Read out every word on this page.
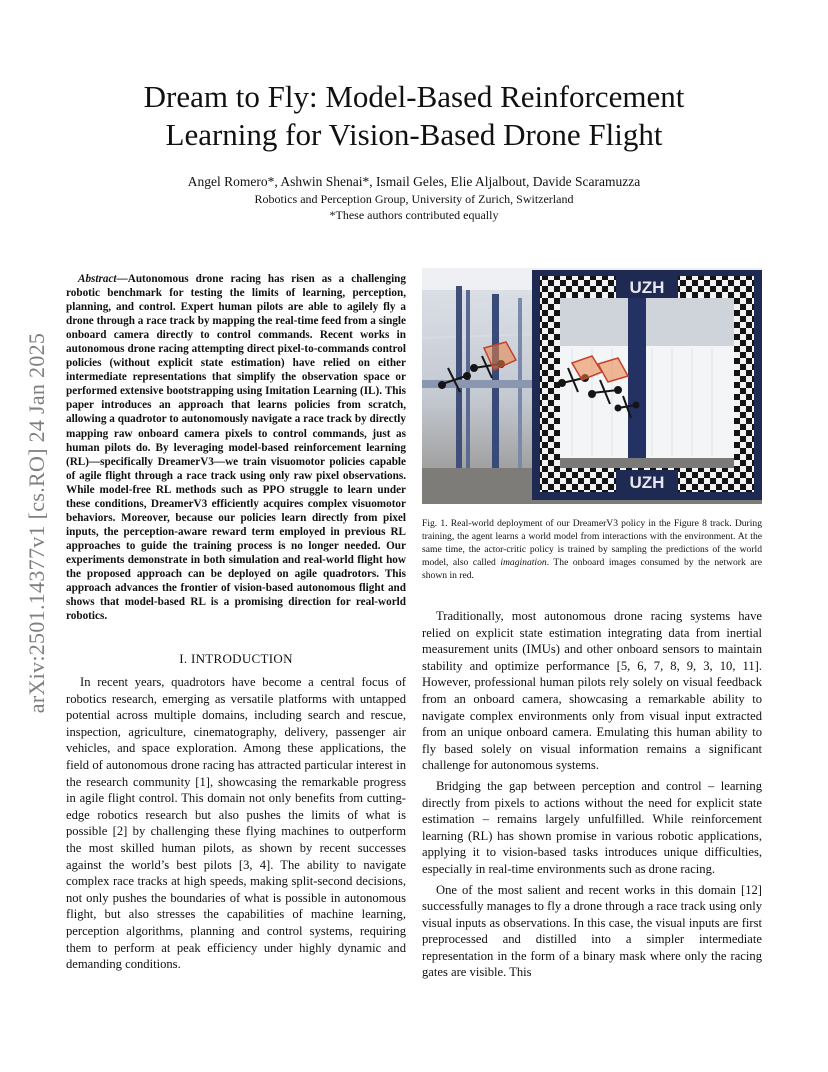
arXiv:2501.14377v1 [cs.RO] 24 Jan 2025
Dream to Fly: Model-Based Reinforcement
Learning for Vision-Based Drone Flight

Angel Romero*, Ashwin Shenai*, Ismail Geles, Elie Aljalbout, Davide Scaramuzza

Robotics and Perception Group, University of Zurich, Switzerland

*These authors contributed equally

Abstract—Autonomous drone racing has risen as a challenging robotic benchmark for testing the limits of learning, perception, planning, and control. Expert human pilots are able to agilely fly a drone through a race track by mapping the real-time feed from a single onboard camera directly to control commands. Recent works in autonomous drone racing attempting direct pixel-to-commands control policies (without explicit state estimation) have relied on either intermediate representations that simplify the observation space or performed extensive bootstrapping using Imitation Learning (IL). This paper introduces an approach that learns policies from scratch, allowing a quadrotor to autonomously navigate a race track by directly mapping raw onboard camera pixels to control commands, just as human pilots do. By leveraging model-based reinforcement learning (RL)—specifically DreamerV3—we train visuomotor policies capable of agile flight through a race track using only raw pixel observations. While model-free RL methods such as PPO struggle to learn under these conditions, DreamerV3 efficiently acquires complex visuomotor behaviors. Moreover, because our policies learn directly from pixel inputs, the perception-aware reward term employed in previous RL approaches to guide the training process is no longer needed. Our experiments demonstrate in both simulation and real-world flight how the proposed approach can be deployed on agile quadrotors. This approach advances the frontier of vision-based autonomous flight and shows that model-based RL is a promising direction for real-world robotics.

I. INTRODUCTION

In recent years, quadrotors have become a central focus of robotics research, emerging as versatile platforms with untapped potential across multiple domains, including search and rescue, inspection, agriculture, cinematography, delivery, passenger air vehicles, and space exploration. Among these applications, the field of autonomous drone racing has attracted particular interest in the research community [1], showcasing the remarkable progress in agile flight control. This domain not only benefits from cutting-edge robotics research but also pushes the limits of what is possible [2] by challenging these flying machines to outperform the most skilled human pilots, as shown by recent successes against the world’s best pilots [3, 4]. The ability to navigate complex race tracks at high speeds, making split-second decisions, not only pushes the boundaries of what is possible in autonomous flight, but also stresses the capabilities of machine learning, perception algorithms, planning and control systems, requiring them to perform at peak efficiency under highly dynamic and demanding conditions.

UZH
UZH

Fig. 1. Real-world deployment of our DreamerV3 policy in the Figure 8 track. During training, the agent learns a world model from interactions with the environment. At the same time, the actor-critic policy is trained by sampling the predictions of the world model, also called imagination. The onboard images consumed by the network are shown in red.

Traditionally, most autonomous drone racing systems have relied on explicit state estimation integrating data from inertial measurement units (IMUs) and other onboard sensors to maintain stability and optimize performance [5, 6, 7, 8, 9, 3, 10, 11]. However, professional human pilots rely solely on visual feedback from an onboard camera, showcasing a remarkable ability to navigate complex environments only from visual input extracted from an unique onboard camera. Emulating this human ability to fly based solely on visual information remains a significant challenge for autonomous systems.

Bridging the gap between perception and control – learning directly from pixels to actions without the need for explicit state estimation – remains largely unfulfilled. While reinforcement learning (RL) has shown promise in various robotic applications, applying it to vision-based tasks introduces unique difficulties, especially in real-time environments such as drone racing.

One of the most salient and recent works in this domain [12] successfully manages to fly a drone through a race track using only visual inputs as observations. In this case, the visual inputs are first preprocessed and distilled into a simpler intermediate representation in the form of a binary mask where only the racing gates are visible. This
